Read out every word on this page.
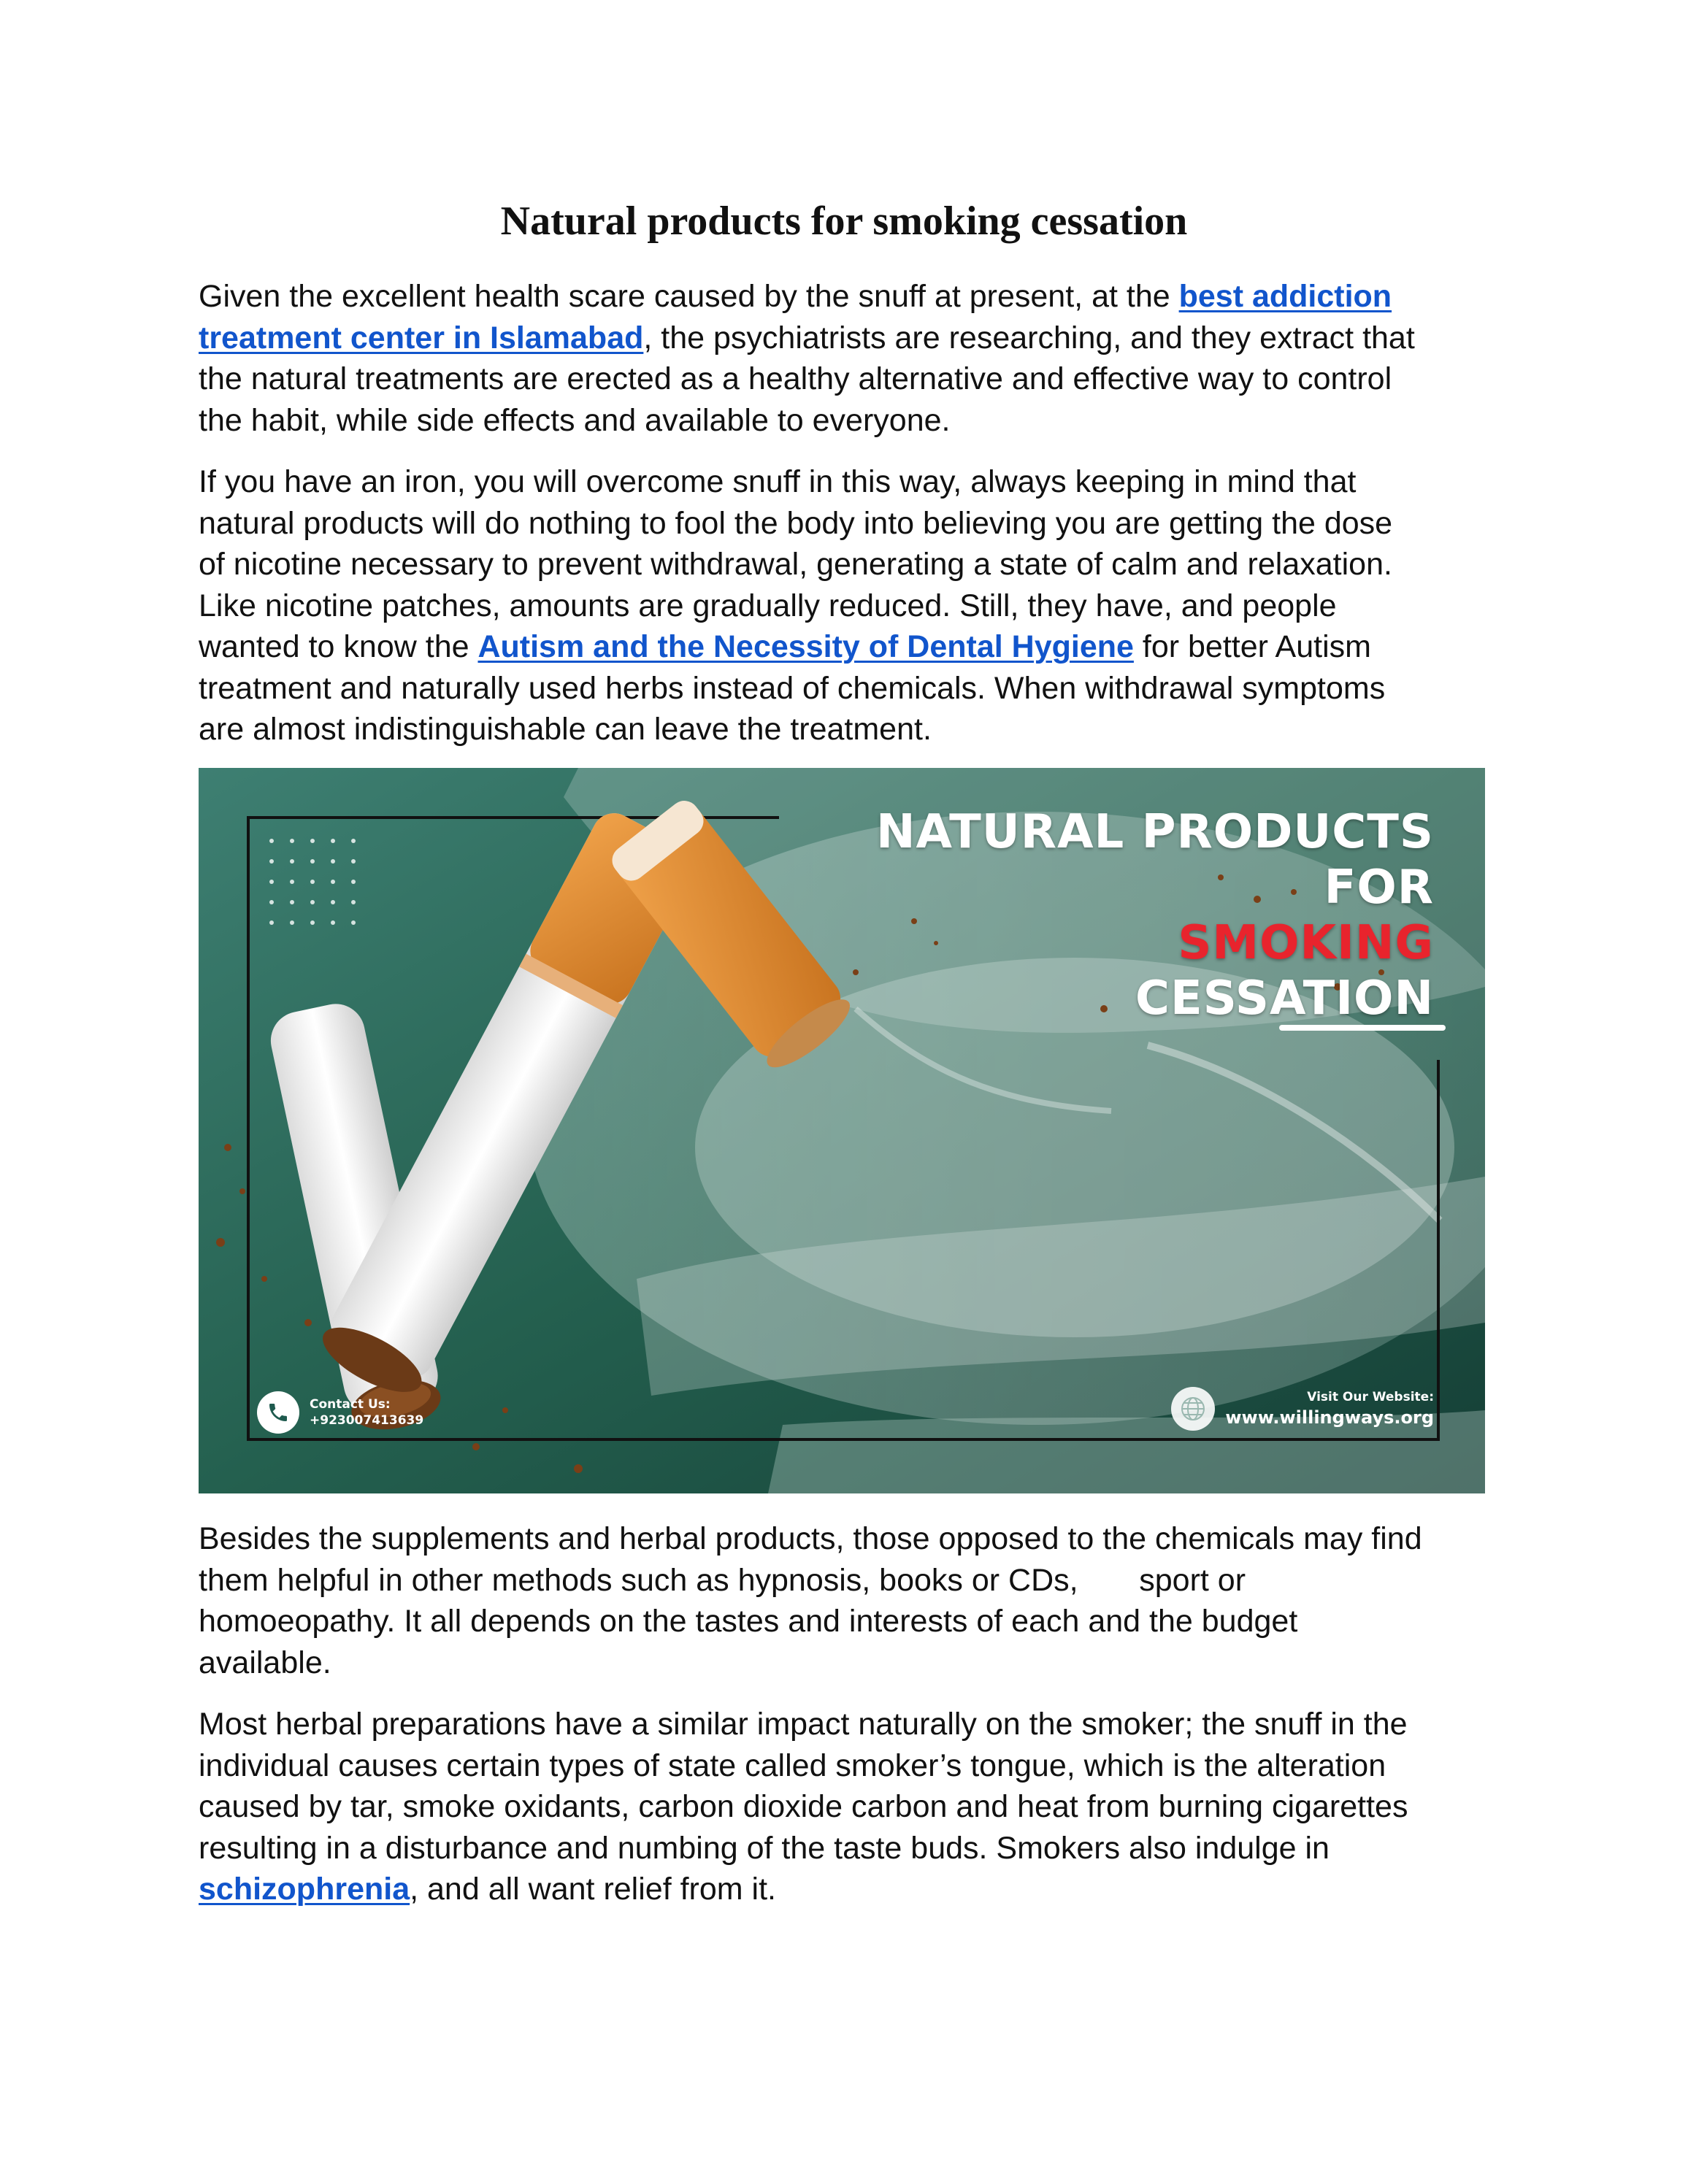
Natural products for smoking cessation

Given the excellent health scare caused by the snuff at present, at the best addiction
treatment center in Islamabad, the psychiatrists are researching, and they extract that
the natural treatments are erected as a healthy alternative and effective way to control
the habit, while side effects and available to everyone.

If you have an iron, you will overcome snuff in this way, always keeping in mind that
natural products will do nothing to fool the body into believing you are getting the dose
of nicotine necessary to prevent withdrawal, generating a state of calm and relaxation.
Like nicotine patches, amounts are gradually reduced. Still, they have, and people
wanted to know the Autism and the Necessity of Dental Hygiene for better Autism
treatment and naturally used herbs instead of chemicals. When withdrawal symptoms
are almost indistinguishable can leave the treatment.

NATURAL PRODUCTS
FOR
SMOKING
CESSATION
Contact Us:
+923007413639
Visit Our Website:
www.willingways.org

Besides the supplements and herbal products, those opposed to the chemicals may find
them helpful in other methods such as hypnosis, books or CDs,       sport or
homoeopathy. It all depends on the tastes and interests of each and the budget
available.

Most herbal preparations have a similar impact naturally on the smoker; the snuff in the
individual causes certain types of state called smoker’s tongue, which is the alteration
caused by tar, smoke oxidants, carbon dioxide carbon and heat from burning cigarettes
resulting in a disturbance and numbing of the taste buds. Smokers also indulge in
schizophrenia, and all want relief from it.
